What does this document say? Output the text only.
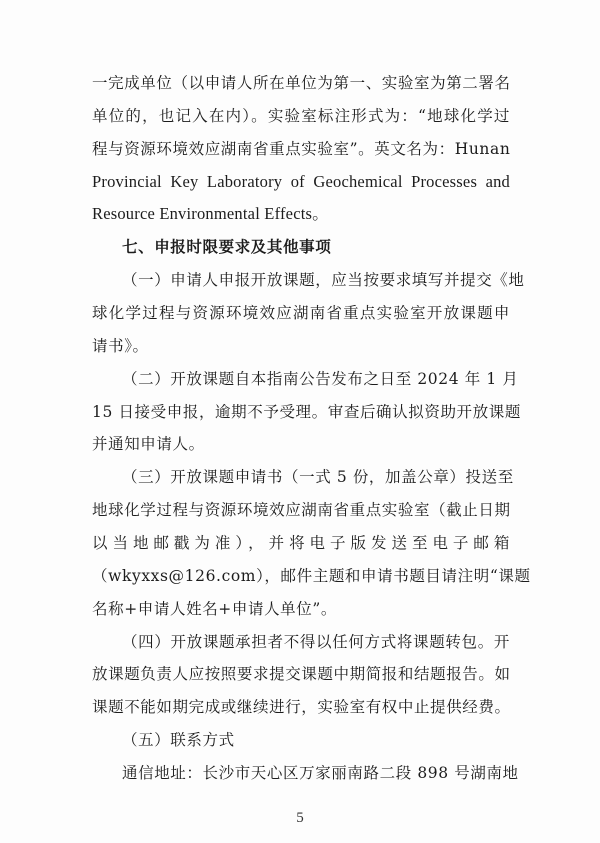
一完成单位（以申请人所在单位为第一、实验室为第二署名
单位的，也记入在内）。实验室标注形式为：“地球化学过
程与资源环境效应湖南省重点实验室”。英文名为：Hunan
Provincial Key Laboratory of Geochemical Processes and
Resource Environmental Effects。
七、申报时限要求及其他事项
（一）申请人申报开放课题，应当按要求填写并提交《地
球化学过程与资源环境效应湖南省重点实验室开放课题申
请书》。
（二）开放课题自本指南公告发布之日至 2024 年 1 月
15 日接受申报，逾期不予受理。审查后确认拟资助开放课题
并通知申请人。
（三）开放课题申请书（一式 5 份，加盖公章）投送至
地球化学过程与资源环境效应湖南省重点实验室（截止日期
以当地邮戳为准），并将电子版发送至电子邮箱
（wkyxxs@126.com），邮件主题和申请书题目请注明“课题
名称+申请人姓名+申请人单位”。
（四）开放课题承担者不得以任何方式将课题转包。开
放课题负责人应按照要求提交课题中期简报和结题报告。如
课题不能如期完成或继续进行，实验室有权中止提供经费。
（五）联系方式
通信地址：长沙市天心区万家丽南路二段 898 号湖南地
5
